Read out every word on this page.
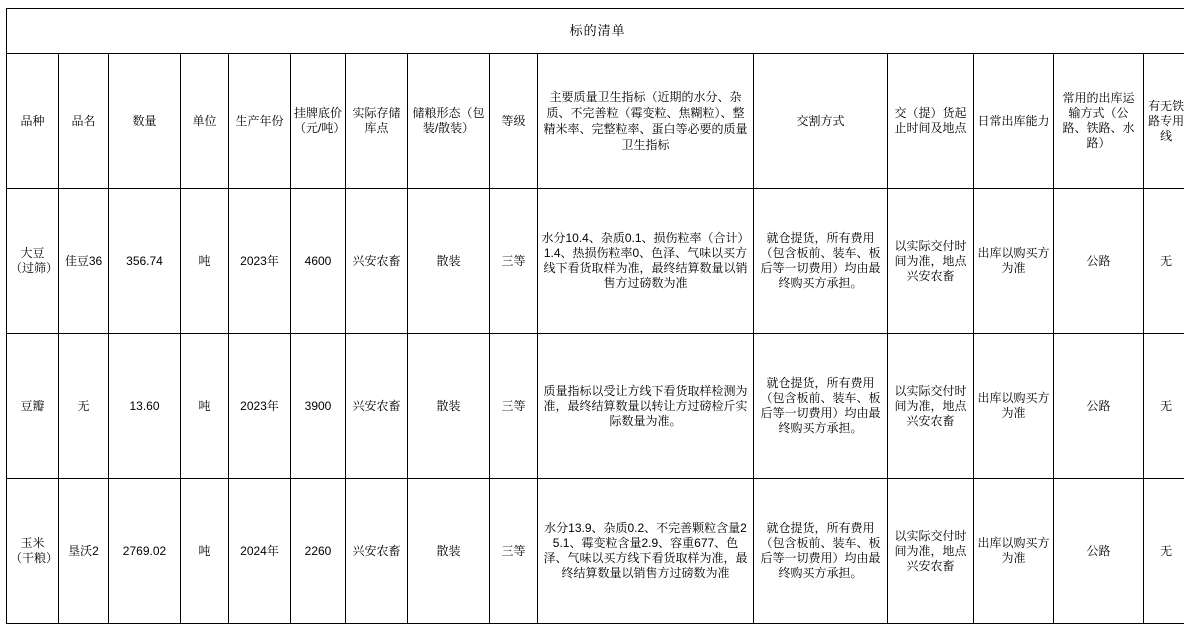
标的清单														
品种	品名	数量	单位	生产年份	挂牌底价（元/吨）	实际存储库点	储粮形态（包装/散装）	等级	主要质量卫生指标（近期的水分、杂质、不完善粒（霉变粒、焦糊粒）、整精米率、完整粒率、蛋白等必要的质量卫生指标	交割方式	交（提）货起止时间及地点	日常出库能力	常用的出库运输方式（公路、铁路、水路）	有无铁路专用线
大豆（过筛）	佳豆36	356.74	吨	2023年	4600	兴安农畜	散装	三等	水分10.4、杂质0.1、损伤粒率（合计）1.4、热损伤粒率0、色泽、气味以买方线下看货取样为准，最终结算数量以销售方过磅数为准	就仓提货，所有费用（包含板前、装车、板后等一切费用）均由最终购买方承担。	以实际交付时间为准，地点兴安农畜	出库以购买方为准	公路	无
豆瓣	无	13.60	吨	2023年	3900	兴安农畜	散装	三等	质量指标以受让方线下看货取样检测为准，最终结算数量以转让方过磅检斤实际数量为准。	就仓提货，所有费用（包含板前、装车、板后等一切费用）均由最终购买方承担。	以实际交付时间为准，地点兴安农畜	出库以购买方为准	公路	无
玉米（干粮）	垦沃2	2769.02	吨	2024年	2260	兴安农畜	散装	三等	水分13.9、杂质0.2、不完善颗粒含量25.1、霉变粒含量2.9、容重677、色泽、气味以买方线下看货取样为准，最终结算数量以销售方过磅数为准	就仓提货，所有费用（包含板前、装车、板后等一切费用）均由最终购买方承担。	以实际交付时间为准，地点兴安农畜	出库以购买方为准	公路	无
